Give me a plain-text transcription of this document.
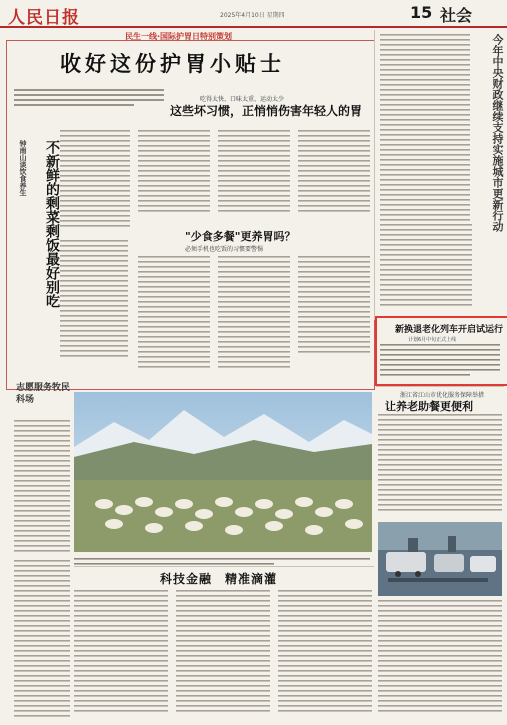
人民日报	2025年4月10日 星期四	15 社会
民生一线·国际护胃日特别策划
收好这份护胃小贴士
吃得太快、口味太重、运动太少
这些坏习惯，正悄悄伤害年轻人的胃
钟南山谈饮食养生	不新鲜的剩菜剩饭最好别吃	"少食多餐"更养胃吗？
必须手机也吃饭的习惯要警惕
今年中央财政继续支持实施城市更新行动
新换退老化列车开启试运行
计划6月中旬正式上线
志愿服务牧民科场	浙江省江山市优化服务保障举措
让养老助餐更便利
科技金融　精准滴灌
